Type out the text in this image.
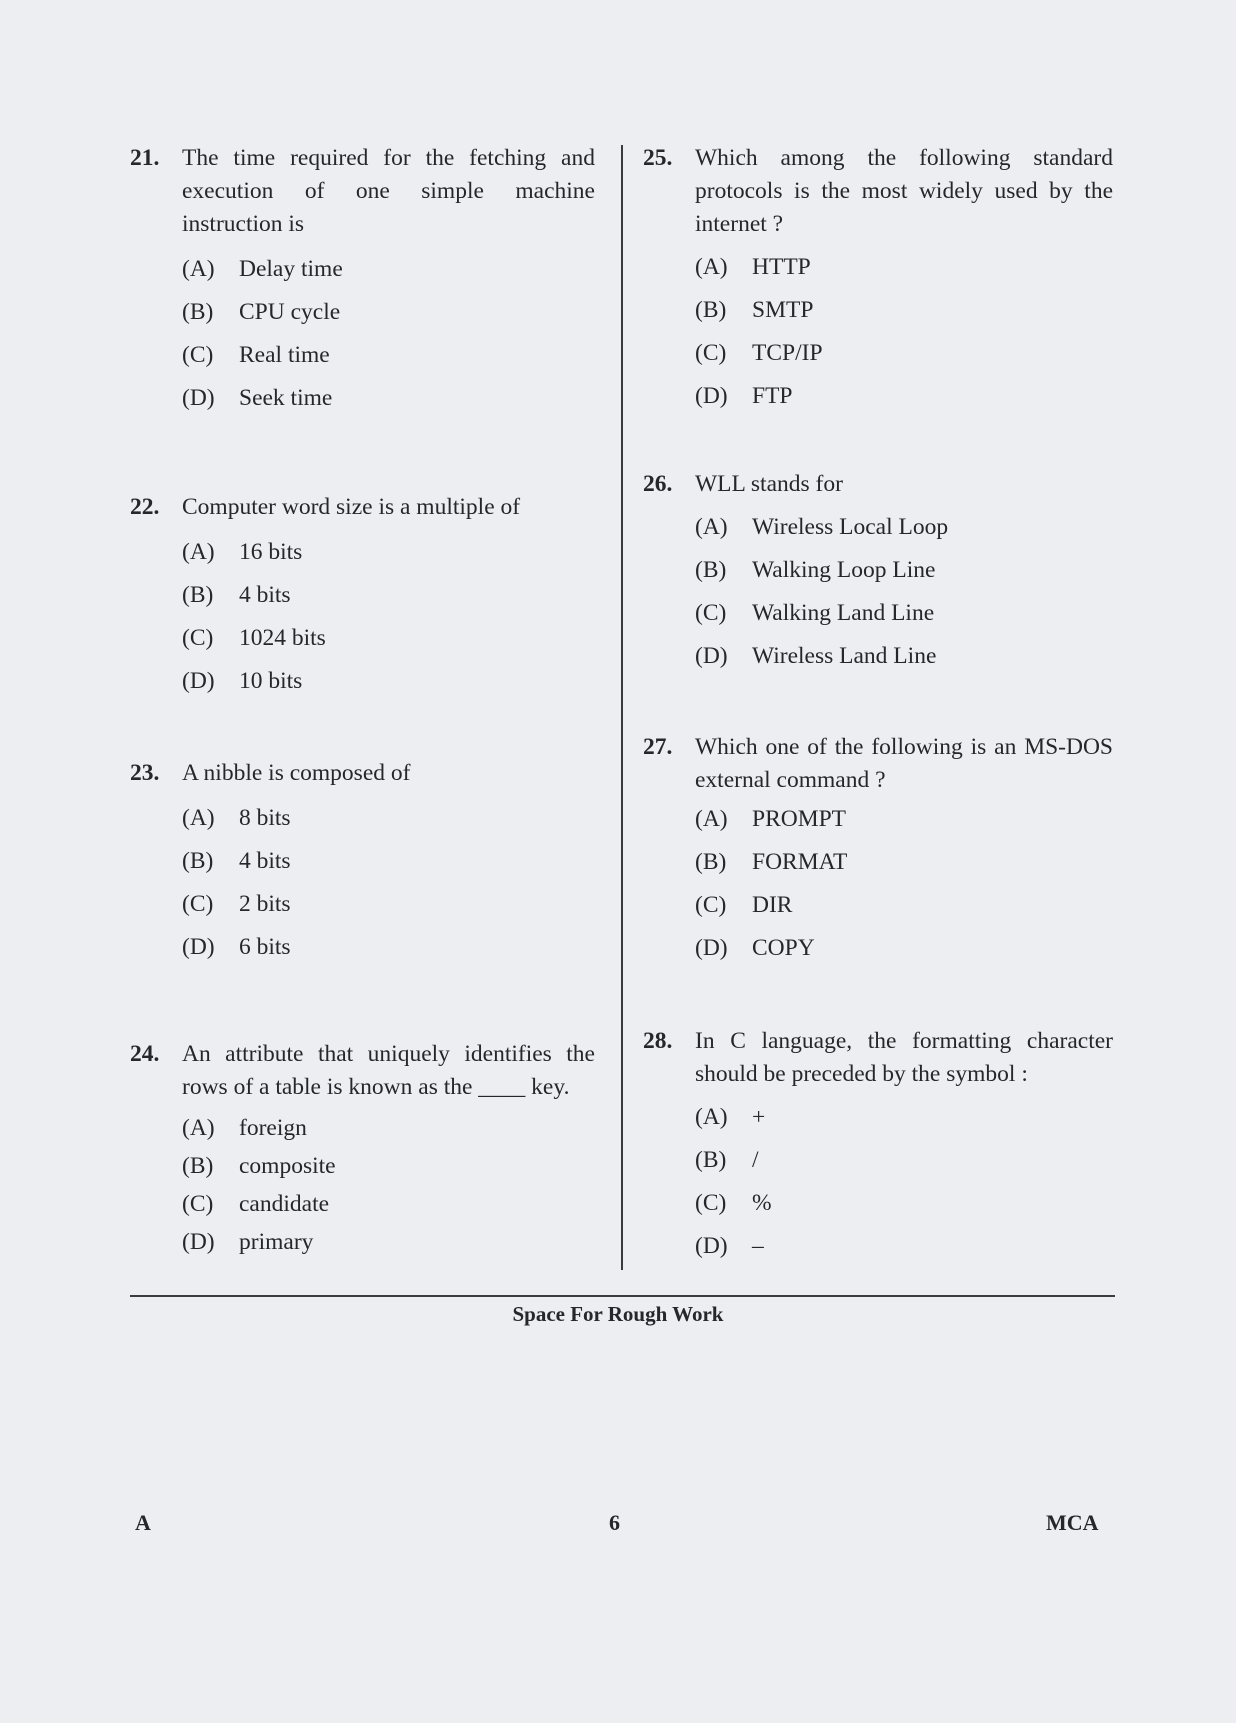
21. The time required for the fetching and execution of one simple machine instruction is
(A)	Delay time
(B)	CPU cycle
(C)	Real time
(D)	Seek time
22. Computer word size is a multiple of
(A)	16 bits
(B)	4 bits
(C)	1024 bits
(D)	10 bits
23. A nibble is composed of
(A)	8 bits
(B)	4 bits
(C)	2 bits
(D)	6 bits
24. An attribute that uniquely identifies the rows of a table is known as the ____ key.
(A)	foreign
(B)	composite
(C)	candidate
(D)	primary
25. Which among the following standard protocols is the most widely used by the internet ?
(A)	HTTP
(B)	SMTP
(C)	TCP/IP
(D)	FTP
26. WLL stands for
(A)	Wireless Local Loop
(B)	Walking Loop Line
(C)	Walking Land Line
(D)	Wireless Land Line
27. Which one of the following is an MS-DOS external command ?
(A)	PROMPT
(B)	FORMAT
(C)	DIR
(D)	COPY
28. In C language, the formatting character should be preceded by the symbol :
(A)	+
(B)	/
(C)	%
(D)	–
Space For Rough Work
A	6	MCA
